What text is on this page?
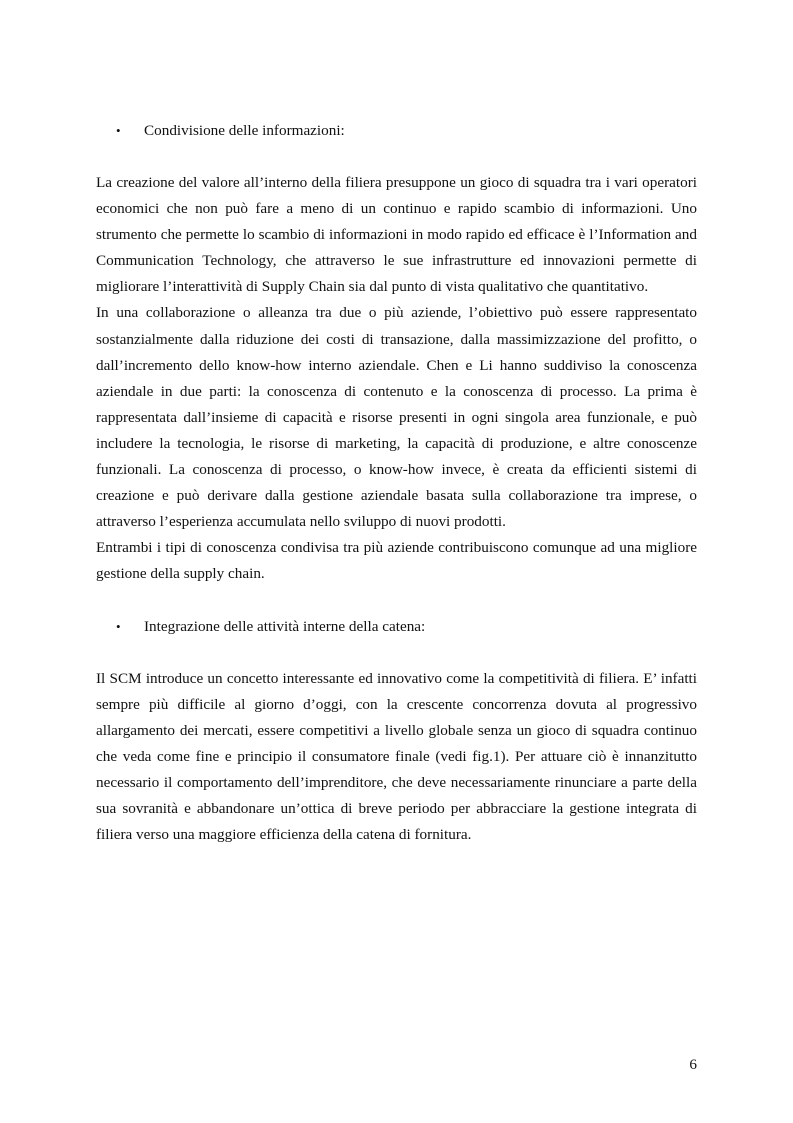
•	Condivisione delle informazioni:

La creazione del valore all’interno della filiera presuppone un gioco di squadra tra i vari operatori economici che non può fare a meno di un continuo e rapido scambio di informazioni. Uno strumento che permette lo scambio di informazioni in modo rapido ed efficace è l’Information and Communication Technology, che attraverso le sue infrastrutture ed innovazioni permette di migliorare l’interattività di Supply Chain sia dal punto di vista qualitativo che quantitativo.

In una collaborazione o alleanza tra due o più aziende, l’obiettivo può essere rappresentato sostanzialmente dalla riduzione dei costi di transazione, dalla massimizzazione del profitto, o dall’incremento dello know-how interno aziendale. Chen e Li hanno suddiviso la conoscenza aziendale in due parti: la conoscenza di contenuto e la conoscenza di processo. La prima è rappresentata dall’insieme di capacità e risorse presenti in ogni singola area funzionale, e può includere la tecnologia, le risorse di marketing, la capacità di produzione, e altre conoscenze funzionali. La conoscenza di processo, o know-how invece, è creata da efficienti sistemi di creazione e può derivare dalla gestione aziendale basata sulla collaborazione tra imprese, o attraverso l’esperienza accumulata nello sviluppo di nuovi prodotti.

Entrambi i tipi di conoscenza condivisa tra più aziende contribuiscono comunque ad una migliore gestione della supply chain.

•	Integrazione delle attività interne della catena:

Il SCM introduce un concetto interessante ed innovativo come la competitività di filiera. E’ infatti sempre più difficile al giorno d’oggi, con la crescente concorrenza dovuta al progressivo allargamento dei mercati, essere competitivi a livello globale senza un gioco di squadra continuo che veda come fine e principio il consumatore finale (vedi fig.1). Per attuare ciò è innanzitutto necessario il comportamento dell’imprenditore, che deve necessariamente rinunciare a parte della sua sovranità e abbandonare un’ottica di breve periodo per abbracciare la gestione integrata di filiera verso una maggiore efficienza della catena di fornitura.

6
